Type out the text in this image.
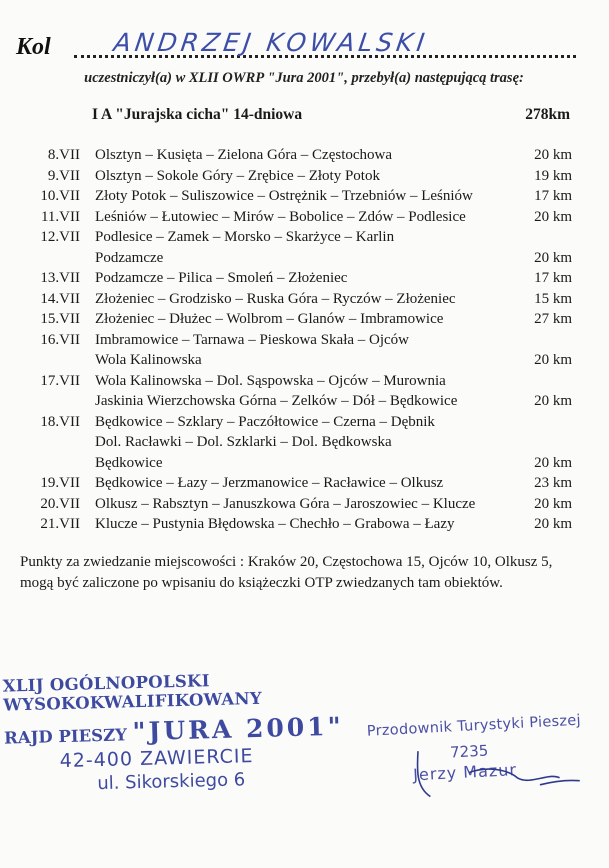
Kol ANDRZEJ KOWALSKI
uczestniczył(a) w XLII OWRP "Jura 2001", przebył(a) następującą trasę:
I A "Jurajska cicha" 14-dniowa	278km
8.VII Olsztyn – Kusięta – Zielona Góra – Częstochowa	20 km
9.VII Olsztyn – Sokole Góry – Zrębice – Złoty Potok	19 km
10.VII Złoty Potok – Suliszowice – Ostrężnik – Trzebniów – Leśniów	17 km
11.VII Leśniów – Łutowiec – Mirów – Bobolice – Zdów – Podlesice	20 km
12.VII Podlesice – Zamek – Morsko – Skarżyce – Karlin
Podzamcze	20 km
13.VII Podzamcze – Pilica – Smoleń – Złożeniec	17 km
14.VII Złożeniec – Grodzisko – Ruska Góra – Ryczów – Złożeniec	15 km
15.VII Złożeniec – Dłużec – Wolbrom – Glanów – Imbramowice	27 km
16.VII Imbramowice – Tarnawa – Pieskowa Skała – Ojców
Wola Kalinowska	20 km
17.VII Wola Kalinowska – Dol. Sąspowska – Ojców – Murownia
Jaskinia Wierzchowska Górna – Zelków – Dół – Będkowice	20 km
18.VII Będkowice – Szklary – Paczółtowice – Czerna – Dębnik
Dol. Racławki – Dol. Szklarki – Dol. Będkowska
Będkowice	20 km
19.VII Będkowice – Łazy – Jerzmanowice – Racławice – Olkusz	23 km
20.VII Olkusz – Rabsztyn – Januszkowa Góra – Jaroszowiec – Klucze	20 km
21.VII Klucze – Pustynia Błędowska – Chechło – Grabowa – Łazy	20 km
Punkty za zwiedzanie miejscowości : Kraków 20, Częstochowa 15, Ojców 10, Olkusz 5, mogą być zaliczone po wpisaniu do książeczki OTP zwiedzanych tam obiektów.
XLIJ OGÓLNOPOLSKI WYSOKOKWALIFIKOWANY
RAJD PIESZY "JURA 2001"
42-400 ZAWIERCIE
ul. Sikorskiego 6
Przodownik Turystyki Pieszej
7235
Jerzy Mazur
